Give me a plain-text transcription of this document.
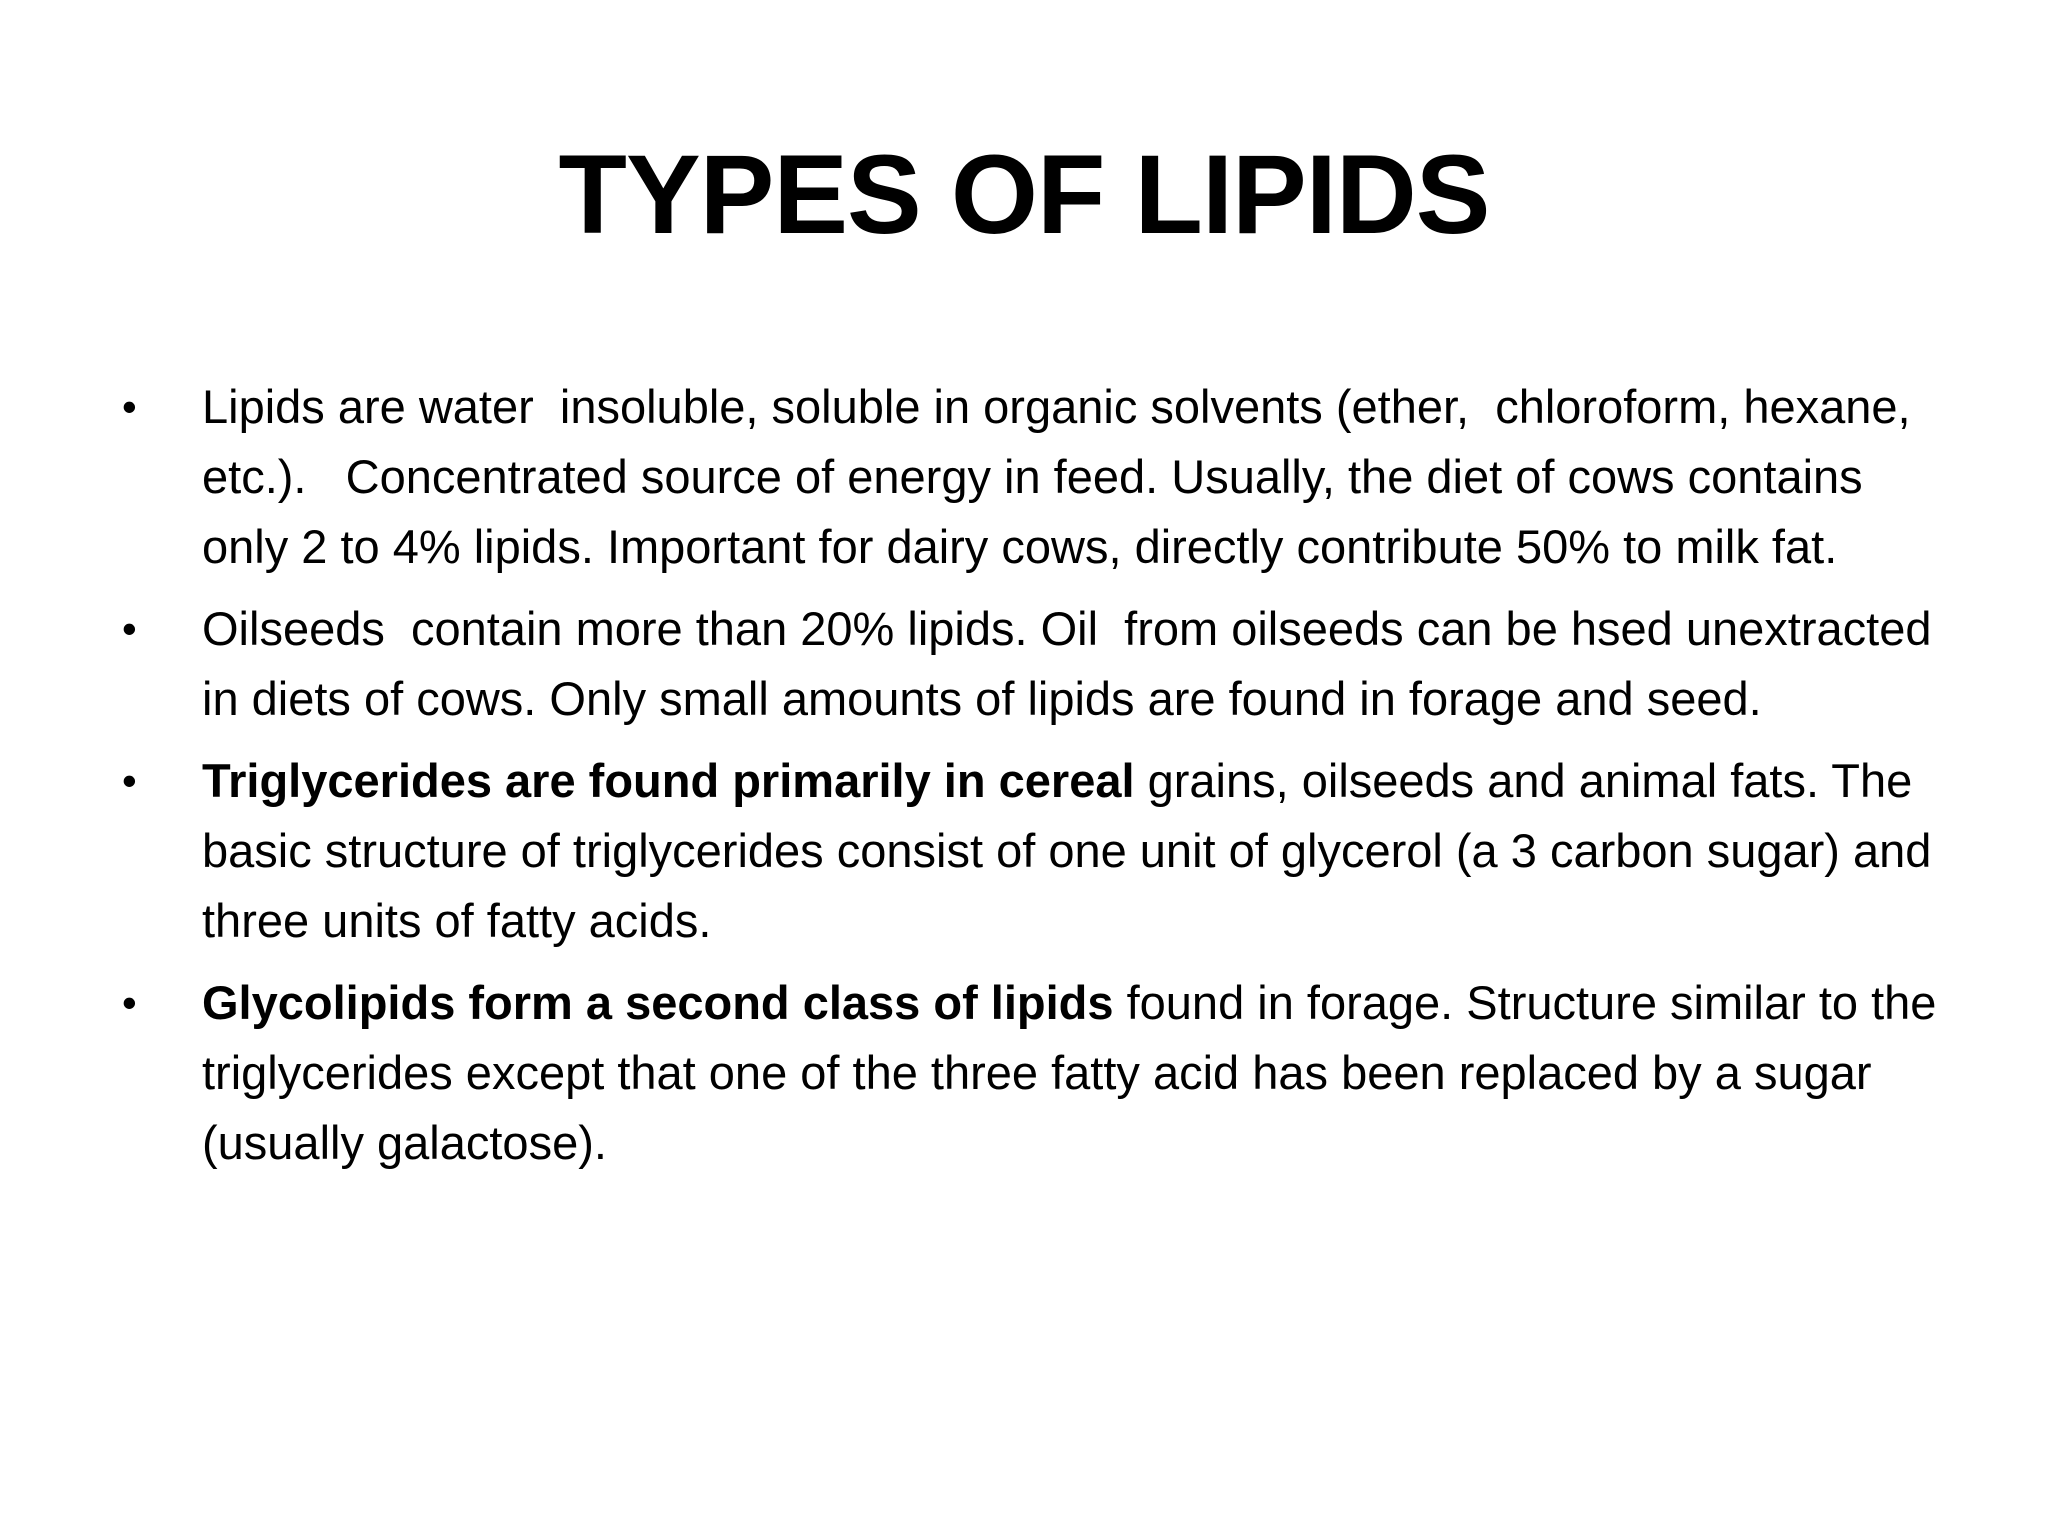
TYPES OF LIPIDS
•	Lipids are water  insoluble, soluble in organic solvents (ether,  chloroform, hexane, etc.).   Concentrated source of energy in feed. Usually, the diet of cows contains only 2 to 4% lipids. Important for dairy cows, directly contribute 50% to milk fat.
•	Oilseeds  contain more than 20% lipids. Oil  from oilseeds can be hsed unextracted in diets of cows. Only small amounts of lipids are found in forage and seed.
•	Triglycerides are found primarily in cereal grains, oilseeds and animal fats. The basic structure of triglycerides consist of one unit of glycerol (a 3 carbon sugar) and three units of fatty acids.
•	Glycolipids form a second class of lipids found in forage. Structure similar to the triglycerides except that one of the three fatty acid has been replaced by a sugar (usually galactose).
